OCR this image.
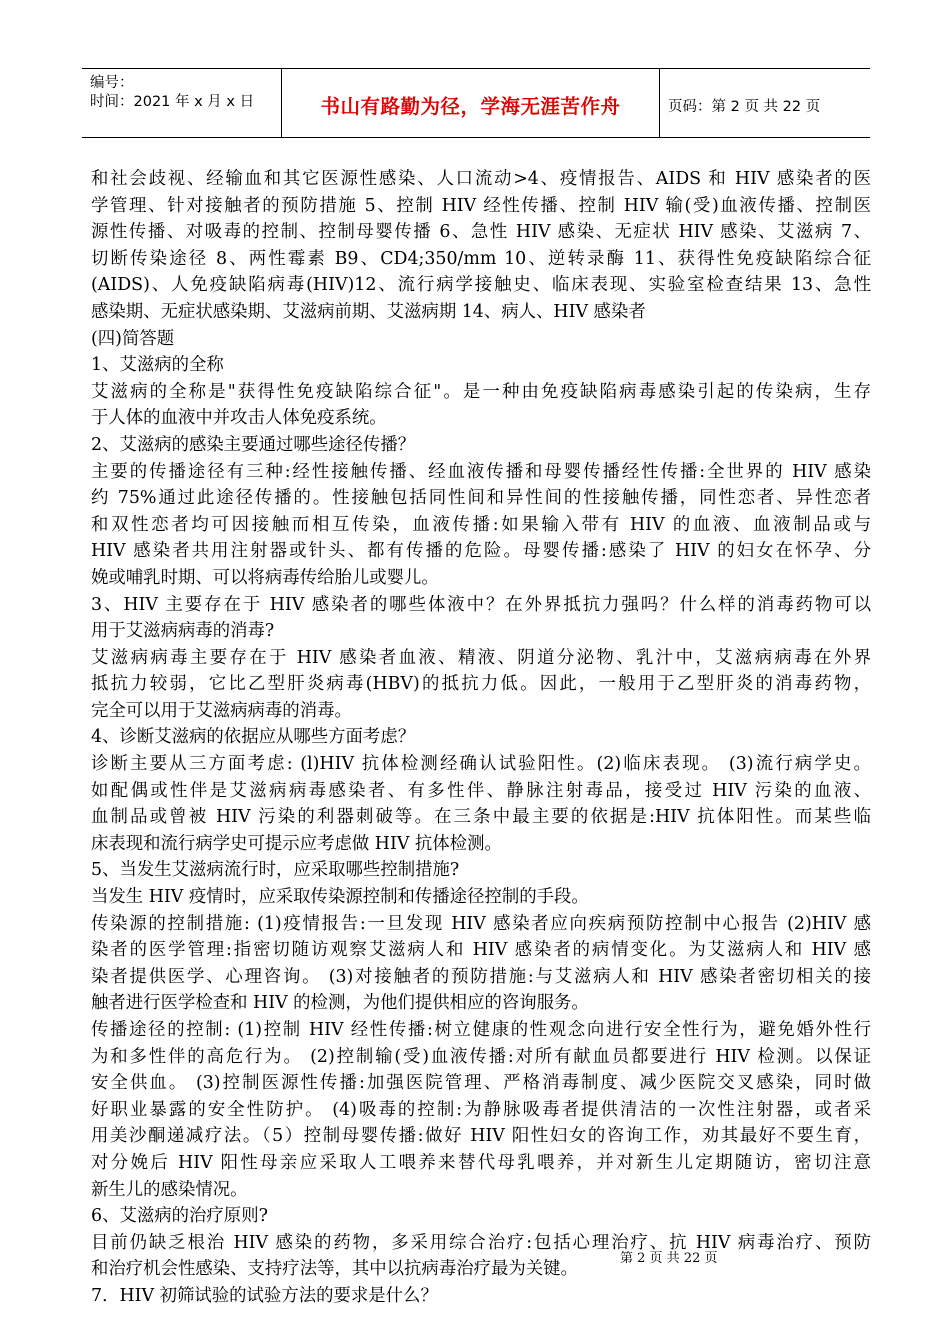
编号：
时间：2021 年 x 月 x 日	书山有路勤为径，学海无涯苦作舟	页码：第 2 页 共 22 页
和社会歧视、经输血和其它医源性感染、人口流动>4、疫情报告、AIDS 和 HIV 感染者的医
学管理、针对接触者的预防措施 5、控制 HIV 经性传播、控制 HIV 输(受)血液传播、控制医
源性传播、对吸毒的控制、控制母婴传播 6、急性 HIV 感染、无症状 HIV 感染、艾滋病 7、
切断传染途径 8、两性霉素 B9、CD4;350/mm 10、逆转录酶 11、获得性免疫缺陷综合征
(AIDS)、人免疫缺陷病毒(HIV)12、流行病学接触史、临床表现、实验室检查结果 13、急性
感染期、无症状感染期、艾滋病前期、艾滋病期 14、病人、HIV 感染者
(四)简答题
1、艾滋病的全称
艾滋病的全称是"获得性免疫缺陷综合征"。是一种由免疫缺陷病毒感染引起的传染病，生存
于人体的血液中并攻击人体免疫系统。
2、艾滋病的感染主要通过哪些途径传播？
主要的传播途径有三种:经性接触传播、经血液传播和母婴传播经性传播:全世界的 HIV 感染
约 75%通过此途径传播的。性接触包括同性间和异性间的性接触传播，同性恋者、异性恋者
和双性恋者均可因接触而相互传染，血液传播:如果输入带有 HIV 的血液、血液制品或与
HIV 感染者共用注射器或针头、都有传播的危险。母婴传播:感染了 HIV 的妇女在怀孕、分
娩或哺乳时期、可以将病毒传给胎儿或婴儿。
3、HIV 主要存在于 HIV 感染者的哪些体液中？在外界抵抗力强吗？什么样的消毒药物可以
用于艾滋病病毒的消毒?
艾滋病病毒主要存在于 HIV 感染者血液、精液、阴道分泌物、乳汁中，艾滋病病毒在外界
抵抗力较弱，它比乙型肝炎病毒(HBV)的抵抗力低。因此，一般用于乙型肝炎的消毒药物，
完全可以用于艾滋病病毒的消毒。
4、诊断艾滋病的依据应从哪些方面考虑？
诊断主要从三方面考虑: (l)HIV 抗体检测经确认试验阳性。(2)临床表现。 (3)流行病学史。
如配偶或性伴是艾滋病病毒感染者、有多性伴、静脉注射毒品，接受过 HIV 污染的血液、
血制品或曾被 HIV 污染的利器刺破等。在三条中最主要的依据是:HIV 抗体阳性。而某些临
床表现和流行病学史可提示应考虑做 HIV 抗体检测。
5、当发生艾滋病流行时，应采取哪些控制措施?
当发生 HIV 疫情时，应采取传染源控制和传播途径控制的手段。
传染源的控制措施: (1)疫情报告:一旦发现 HIV 感染者应向疾病预防控制中心报告 (2)HIV 感
染者的医学管理:指密切随访观察艾滋病人和 HIV 感染者的病情变化。为艾滋病人和 HIV 感
染者提供医学、心理咨询。 (3)对接触者的预防措施:与艾滋病人和 HIV 感染者密切相关的接
触者进行医学检查和 HIV 的检测，为他们提供相应的咨询服务。
传播途径的控制: (1)控制 HIV 经性传播:树立健康的性观念向进行安全性行为，避免婚外性行
为和多性伴的高危行为。 (2)控制输(受)血液传播:对所有献血员都要进行 HIV 检测。以保证
安全供血。 (3)控制医源性传播:加强医院管理、严格消毒制度、减少医院交叉感染，同时做
好职业暴露的安全性防护。 (4)吸毒的控制:为静脉吸毒者提供清洁的一次性注射器，或者采
用美沙酮递减疗法。（5）控制母婴传播:做好 HIV 阳性妇女的咨询工作，劝其最好不要生育，
对分娩后 HIV 阳性母亲应采取人工喂养来替代母乳喂养，并对新生儿定期随访，密切注意
新生儿的感染情况。
6、艾滋病的治疗原则?
目前仍缺乏根治 HIV 感染的药物，多采用综合治疗:包括心理治疗、抗 HIV 病毒治疗、预防
和治疗机会性感染、支持疗法等，其中以抗病毒治疗最为关键。
7．HIV 初筛试验的试验方法的要求是什么？
第 2 页 共 22 页
